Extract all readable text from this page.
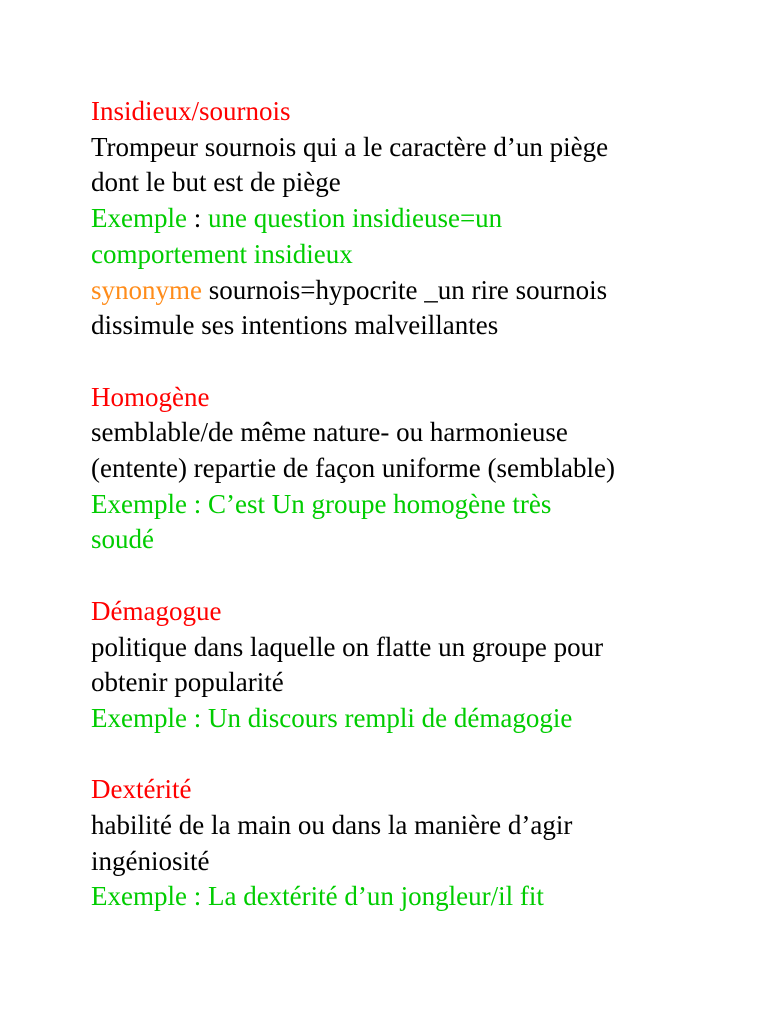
Insidieux/sournois
Trompeur sournois qui a le caractère d’un piège
dont le but est de piège
Exemple : une question insidieuse=un
comportement insidieux
synonyme sournois=hypocrite _un rire sournois
dissimule ses intentions malveillantes
Homogène
semblable/de même nature- ou harmonieuse
(entente) repartie de façon uniforme (semblable)
Exemple : C’est Un groupe homogène très
soudé
Démagogue
politique dans laquelle on flatte un groupe pour
obtenir popularité
Exemple : Un discours rempli de démagogie
Dextérité
habilité de la main ou dans la manière d’agir
ingéniosité
Exemple : La dextérité d’un jongleur/il fit
